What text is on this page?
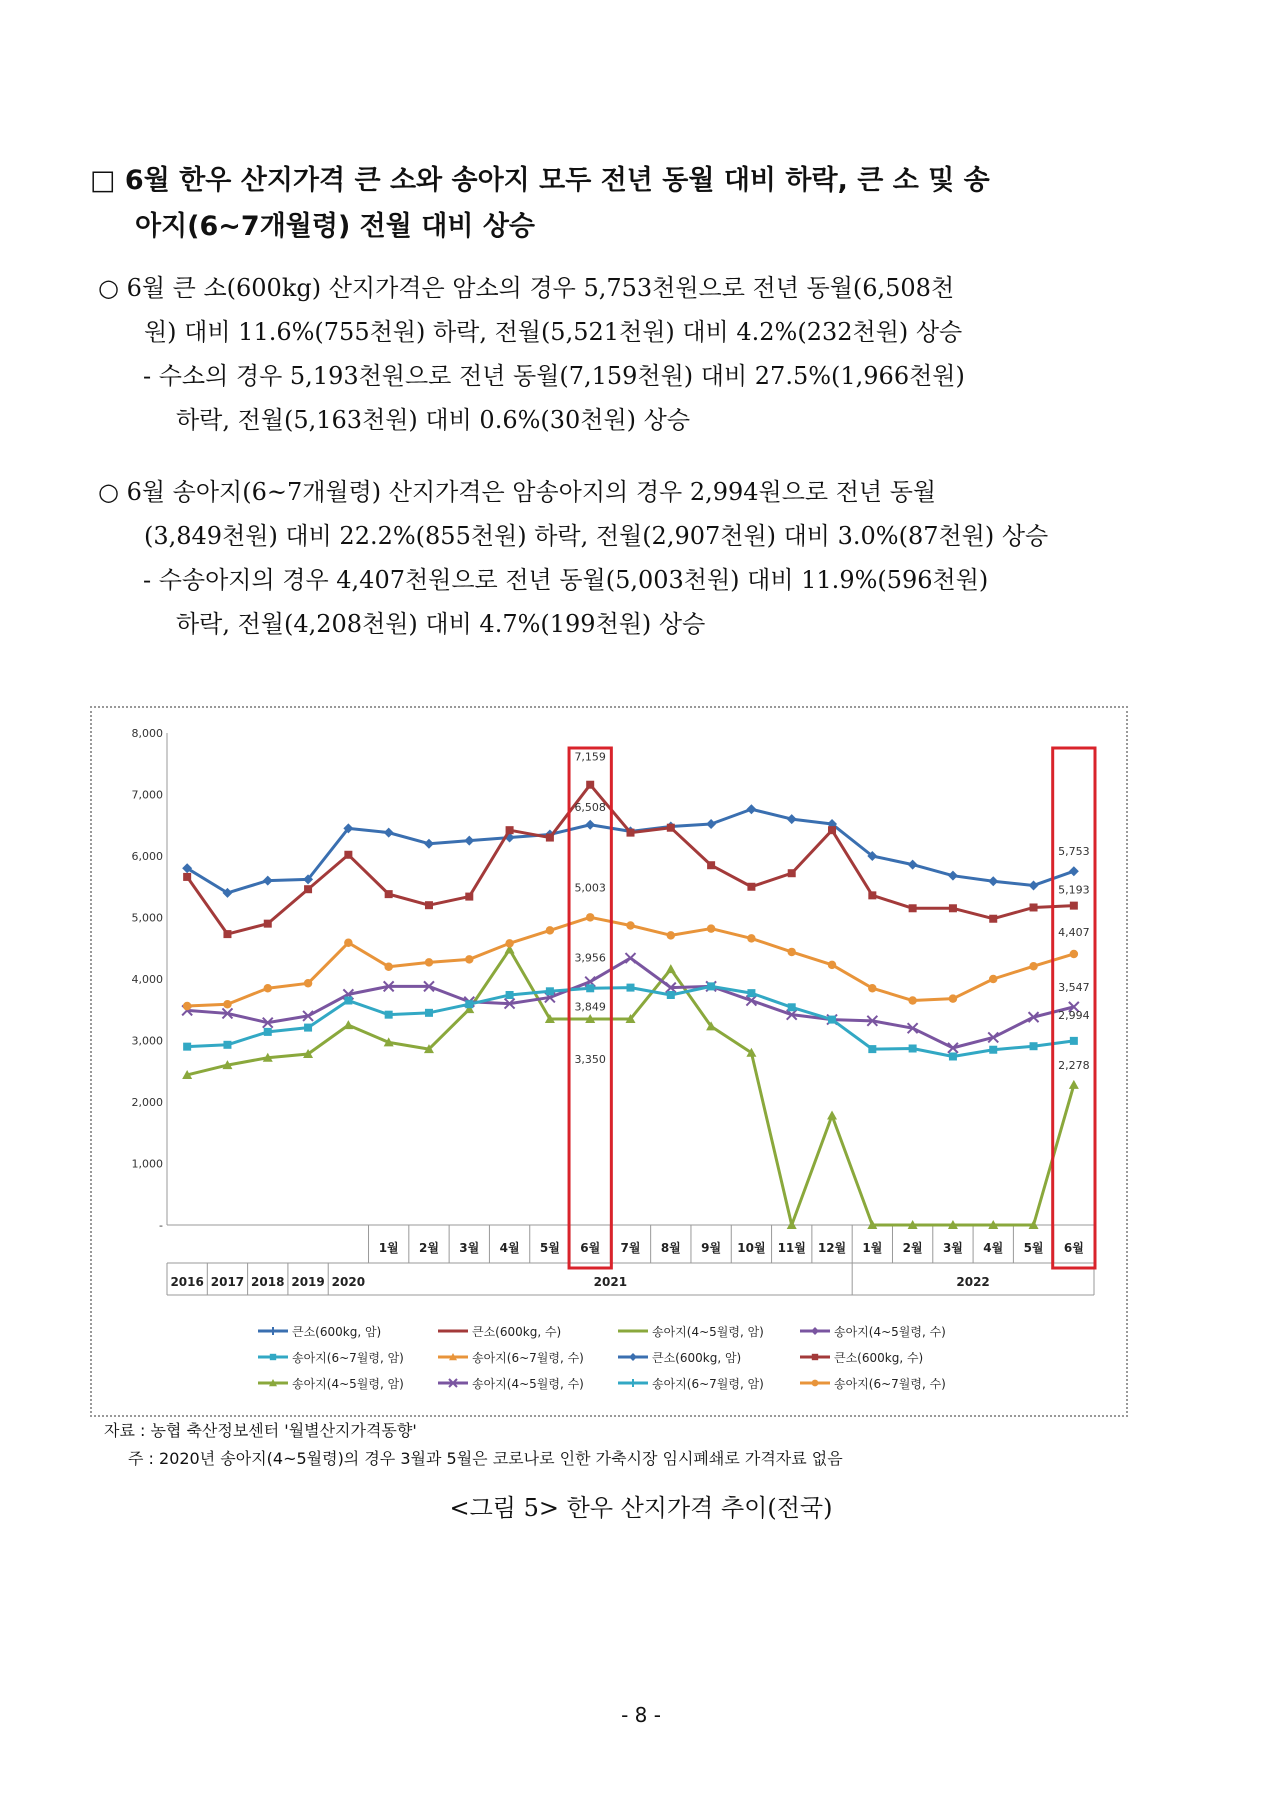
□ 6월 한우 산지가격 큰 소와 송아지 모두 전년 동월 대비 하락, 큰 소 및 송
아지(6~7개월령) 전월 대비 상승
○ 6월 큰 소(600kg) 산지가격은 암소의 경우 5,753천원으로 전년 동월(6,508천
원) 대비 11.6%(755천원) 하락, 전월(5,521천원) 대비 4.2%(232천원) 상승
- 수소의 경우 5,193천원으로 전년 동월(7,159천원) 대비 27.5%(1,966천원)
하락, 전월(5,163천원) 대비 0.6%(30천원) 상승
○ 6월 송아지(6~7개월령) 산지가격은 암송아지의 경우 2,994원으로 전년 동월
(3,849천원) 대비 22.2%(855천원) 하락, 전월(2,907천원) 대비 3.0%(87천원) 상승
- 수송아지의 경우 4,407천원으로 전년 동월(5,003천원) 대비 11.9%(596천원)
하락, 전월(4,208천원) 대비 4.7%(199천원) 상승
8,000
7,000
6,000
5,000
4,000
3,000
2,000
1,000
-
2016 2017 2018 2019 2020
1월 2월 3월 4월 5월 6월 7월 8월 9월 10월 11월 12월 1월 2월 3월 4월 5월 6월
2021	2022
7,159
6,508
5,003
3,956
3,849
3,350
5,753
5,193
4,407
3,547
2,994
2,278
큰소(600kg, 암)	큰소(600kg, 수)	송아지(4~5월령, 암)	송아지(4~5월령, 수)
송아지(6~7월령, 암)	송아지(6~7월령, 수)	큰소(600kg, 암)	큰소(600kg, 수)
송아지(4~5월령, 암)	송아지(4~5월령, 수)	송아지(6~7월령, 암)	송아지(6~7월령, 수)
자료 : 농협 축산정보센터 '월별산지가격동향'
주 : 2020년 송아지(4~5월령)의 경우 3월과 5월은 코로나로 인한 가축시장 임시폐쇄로 가격자료 없음
<그림 5> 한우 산지가격 추이(전국)
- 8 -
